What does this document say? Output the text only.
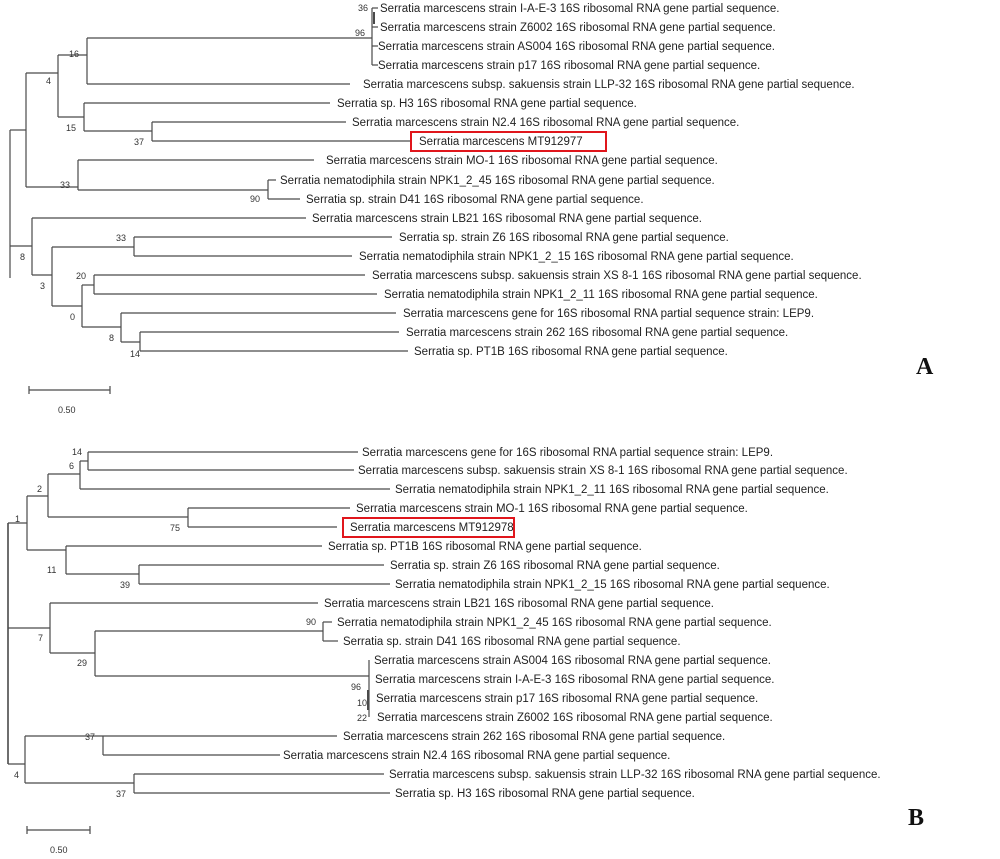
36
96
16
4
15
37
33
90
8
33
3
20
0
8
14
Serratia marcescens strain I-A-E-3 16S ribosomal RNA gene partial sequence.
Serratia marcescens strain Z6002 16S ribosomal RNA gene partial sequence.
Serratia marcescens strain AS004 16S ribosomal RNA gene partial sequence.
Serratia marcescens strain p17 16S ribosomal RNA gene partial sequence.
Serratia marcescens subsp. sakuensis strain LLP-32 16S ribosomal RNA gene partial sequence.
Serratia sp. H3 16S ribosomal RNA gene partial sequence.
Serratia marcescens strain N2.4 16S ribosomal RNA gene partial sequence.
Serratia marcescens MT912977
Serratia marcescens strain MO-1 16S ribosomal RNA gene partial sequence.
Serratia nematodiphila strain NPK1_2_45 16S ribosomal RNA gene partial sequence.
Serratia sp. strain D41 16S ribosomal RNA gene partial sequence.
Serratia marcescens strain LB21 16S ribosomal RNA gene partial sequence.
Serratia sp. strain Z6 16S ribosomal RNA gene partial sequence.
Serratia nematodiphila strain NPK1_2_15 16S ribosomal RNA gene partial sequence.
Serratia marcescens subsp. sakuensis strain XS 8-1 16S ribosomal RNA gene partial sequence.
Serratia nematodiphila strain NPK1_2_11 16S ribosomal RNA gene partial sequence.
Serratia marcescens gene for 16S ribosomal RNA partial sequence strain: LEP9.
Serratia marcescens strain 262 16S ribosomal RNA gene partial sequence.
Serratia sp. PT1B 16S ribosomal RNA gene partial sequence.
0.50
A
14
6
2
1
75
11
39
7
90
29
96
10
22
37
4
37
Serratia marcescens gene for 16S ribosomal RNA partial sequence strain: LEP9.
Serratia marcescens subsp. sakuensis strain XS 8-1 16S ribosomal RNA gene partial sequence.
Serratia nematodiphila strain NPK1_2_11 16S ribosomal RNA gene partial sequence.
Serratia marcescens strain MO-1 16S ribosomal RNA gene partial sequence.
Serratia marcescens MT912978
Serratia sp. PT1B 16S ribosomal RNA gene partial sequence.
Serratia sp. strain Z6 16S ribosomal RNA gene partial sequence.
Serratia nematodiphila strain NPK1_2_15 16S ribosomal RNA gene partial sequence.
Serratia marcescens strain LB21 16S ribosomal RNA gene partial sequence.
Serratia nematodiphila strain NPK1_2_45 16S ribosomal RNA gene partial sequence.
Serratia sp. strain D41 16S ribosomal RNA gene partial sequence.
Serratia marcescens strain AS004 16S ribosomal RNA gene partial sequence.
Serratia marcescens strain I-A-E-3 16S ribosomal RNA gene partial sequence.
Serratia marcescens strain p17 16S ribosomal RNA gene partial sequence.
Serratia marcescens strain Z6002 16S ribosomal RNA gene partial sequence.
Serratia marcescens strain 262 16S ribosomal RNA gene partial sequence.
Serratia marcescens strain N2.4 16S ribosomal RNA gene partial sequence.
Serratia marcescens subsp. sakuensis strain LLP-32 16S ribosomal RNA gene partial sequence.
Serratia sp. H3 16S ribosomal RNA gene partial sequence.
0.50
B
